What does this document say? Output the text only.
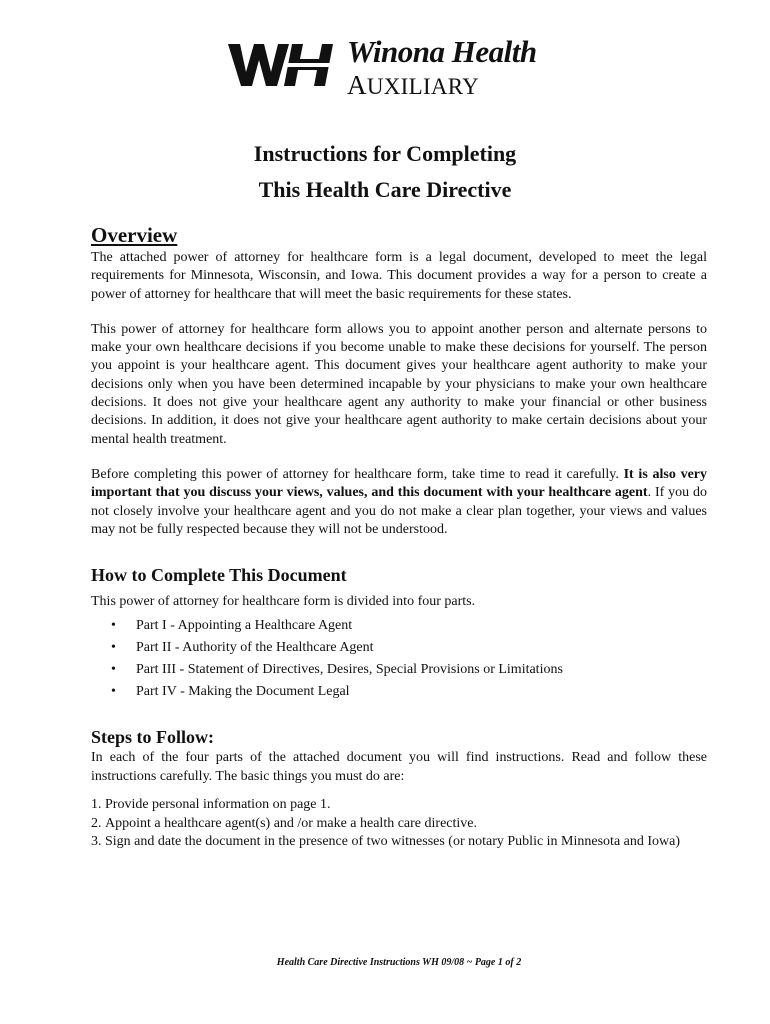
Winona Health
AUXILIARY
Instructions for Completing
This Health Care Directive
Overview

The attached power of attorney for healthcare form is a legal document, developed to meet the legal requirements for Minnesota, Wisconsin, and Iowa. This document provides a way for a person to create a power of attorney for healthcare that will meet the basic requirements for these states.

This power of attorney for healthcare form allows you to appoint another person and alternate persons to make your own healthcare decisions if you become unable to make these decisions for yourself. The person you appoint is your healthcare agent. This document gives your healthcare agent authority to make your decisions only when you have been determined incapable by your physicians to make your own healthcare decisions. It does not give your healthcare agent any authority to make your financial or other business decisions. In addition, it does not give your healthcare agent authority to make certain decisions about your mental health treatment.

Before completing this power of attorney for healthcare form, take time to read it carefully. It is also very important that you discuss your views, values, and this document with your healthcare agent. If you do not closely involve your healthcare agent and you do not make a clear plan together, your views and values may not be fully respected because they will not be understood.

How to Complete This Document

This power of attorney for healthcare form is divided into four parts.

• Part I - Appointing a Healthcare Agent
• Part II - Authority of the Healthcare Agent
• Part III - Statement of Directives, Desires, Special Provisions or Limitations
• Part IV - Making the Document Legal
Steps to Follow:

In each of the four parts of the attached document you will find instructions. Read and follow these instructions carefully. The basic things you must do are:

1. Provide personal information on page 1.
2. Appoint a healthcare agent(s) and /or make a health care directive.
3. Sign and date the document in the presence of two witnesses (or notary Public in Minnesota and Iowa)
Health Care Directive Instructions WH 09/08 ~ Page 1 of 2
